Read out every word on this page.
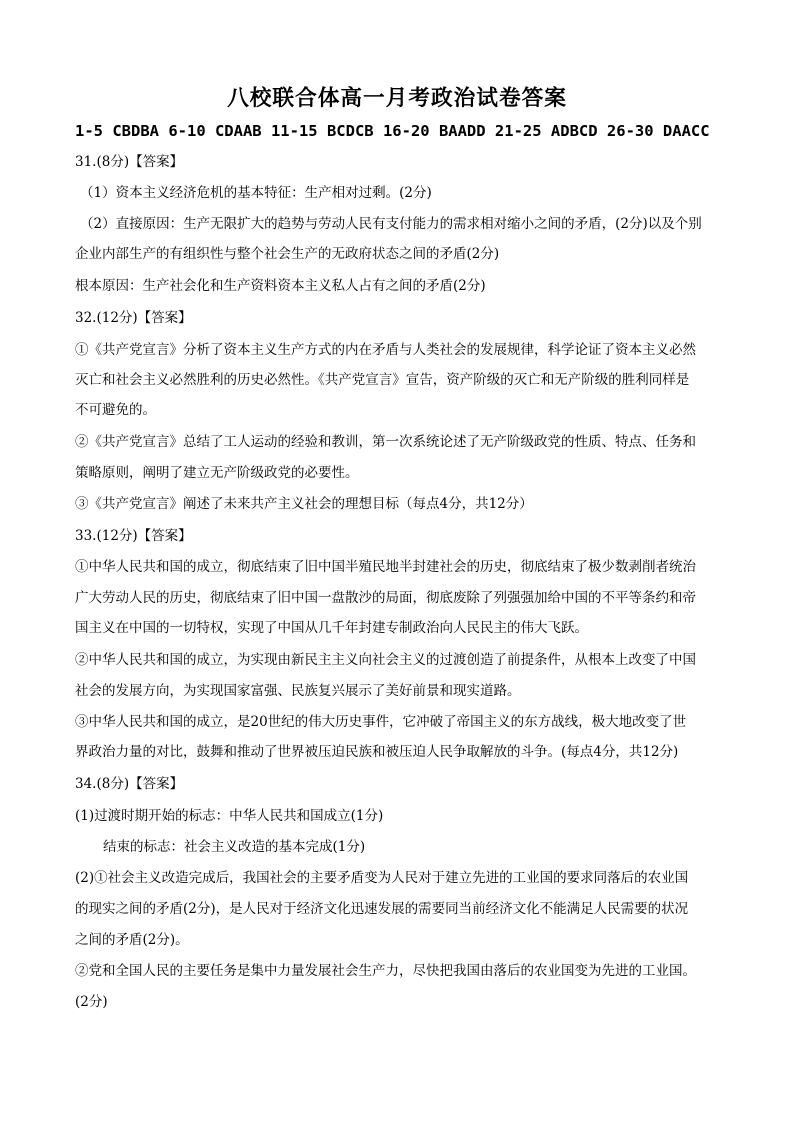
八校联合体高一月考政治试卷答案
1-5 CBDBA 6-10 CDAAB 11-15 BCDCB 16-20 BAADD 21-25 ADBCD 26-30 DAACC
31.(8分)【答案】
（1）资本主义经济危机的基本特征：生产相对过剩。(2分)
（2）直接原因：生产无限扩大的趋势与劳动人民有支付能力的需求相对缩小之间的矛盾，(2分)以及个别
企业内部生产的有组织性与整个社会生产的无政府状态之间的矛盾(2分)
根本原因：生产社会化和生产资料资本主义私人占有之间的矛盾(2分)
32.(12分)【答案】
①《共产党宣言》分析了资本主义生产方式的内在矛盾与人类社会的发展规律，科学论证了资本主义必然
灭亡和社会主义必然胜利的历史必然性。《共产党宣言》宣告，资产阶级的灭亡和无产阶级的胜利同样是
不可避免的。
②《共产党宣言》总结了工人运动的经验和教训，第一次系统论述了无产阶级政党的性质、特点、任务和
策略原则，阐明了建立无产阶级政党的必要性。
③《共产党宣言》阐述了未来共产主义社会的理想目标（每点4分，共12分）
33.(12分)【答案】
①中华人民共和国的成立，彻底结束了旧中国半殖民地半封建社会的历史，彻底结束了极少数剥削者统治
广大劳动人民的历史，彻底结束了旧中国一盘散沙的局面，彻底废除了列强强加给中国的不平等条约和帝
国主义在中国的一切特权，实现了中国从几千年封建专制政治向人民民主的伟大飞跃。
②中华人民共和国的成立，为实现由新民主主义向社会主义的过渡创造了前提条件，从根本上改变了中国
社会的发展方向，为实现国家富强、民族复兴展示了美好前景和现实道路。
③中华人民共和国的成立，是20世纪的伟大历史事件，它冲破了帝国主义的东方战线，极大地改变了世
界政治力量的对比，鼓舞和推动了世界被压迫民族和被压迫人民争取解放的斗争。(每点4分，共12分)
34.(8分)【答案】
(1)过渡时期开始的标志：中华人民共和国成立(1分)
结束的标志：社会主义改造的基本完成(1分)
(2)①社会主义改造完成后，我国社会的主要矛盾变为人民对于建立先进的工业国的要求同落后的农业国
的现实之间的矛盾(2分)，是人民对于经济文化迅速发展的需要同当前经济文化不能满足人民需要的状况
之间的矛盾(2分)。
②党和全国人民的主要任务是集中力量发展社会生产力，尽快把我国由落后的农业国变为先进的工业国。
(2分)
